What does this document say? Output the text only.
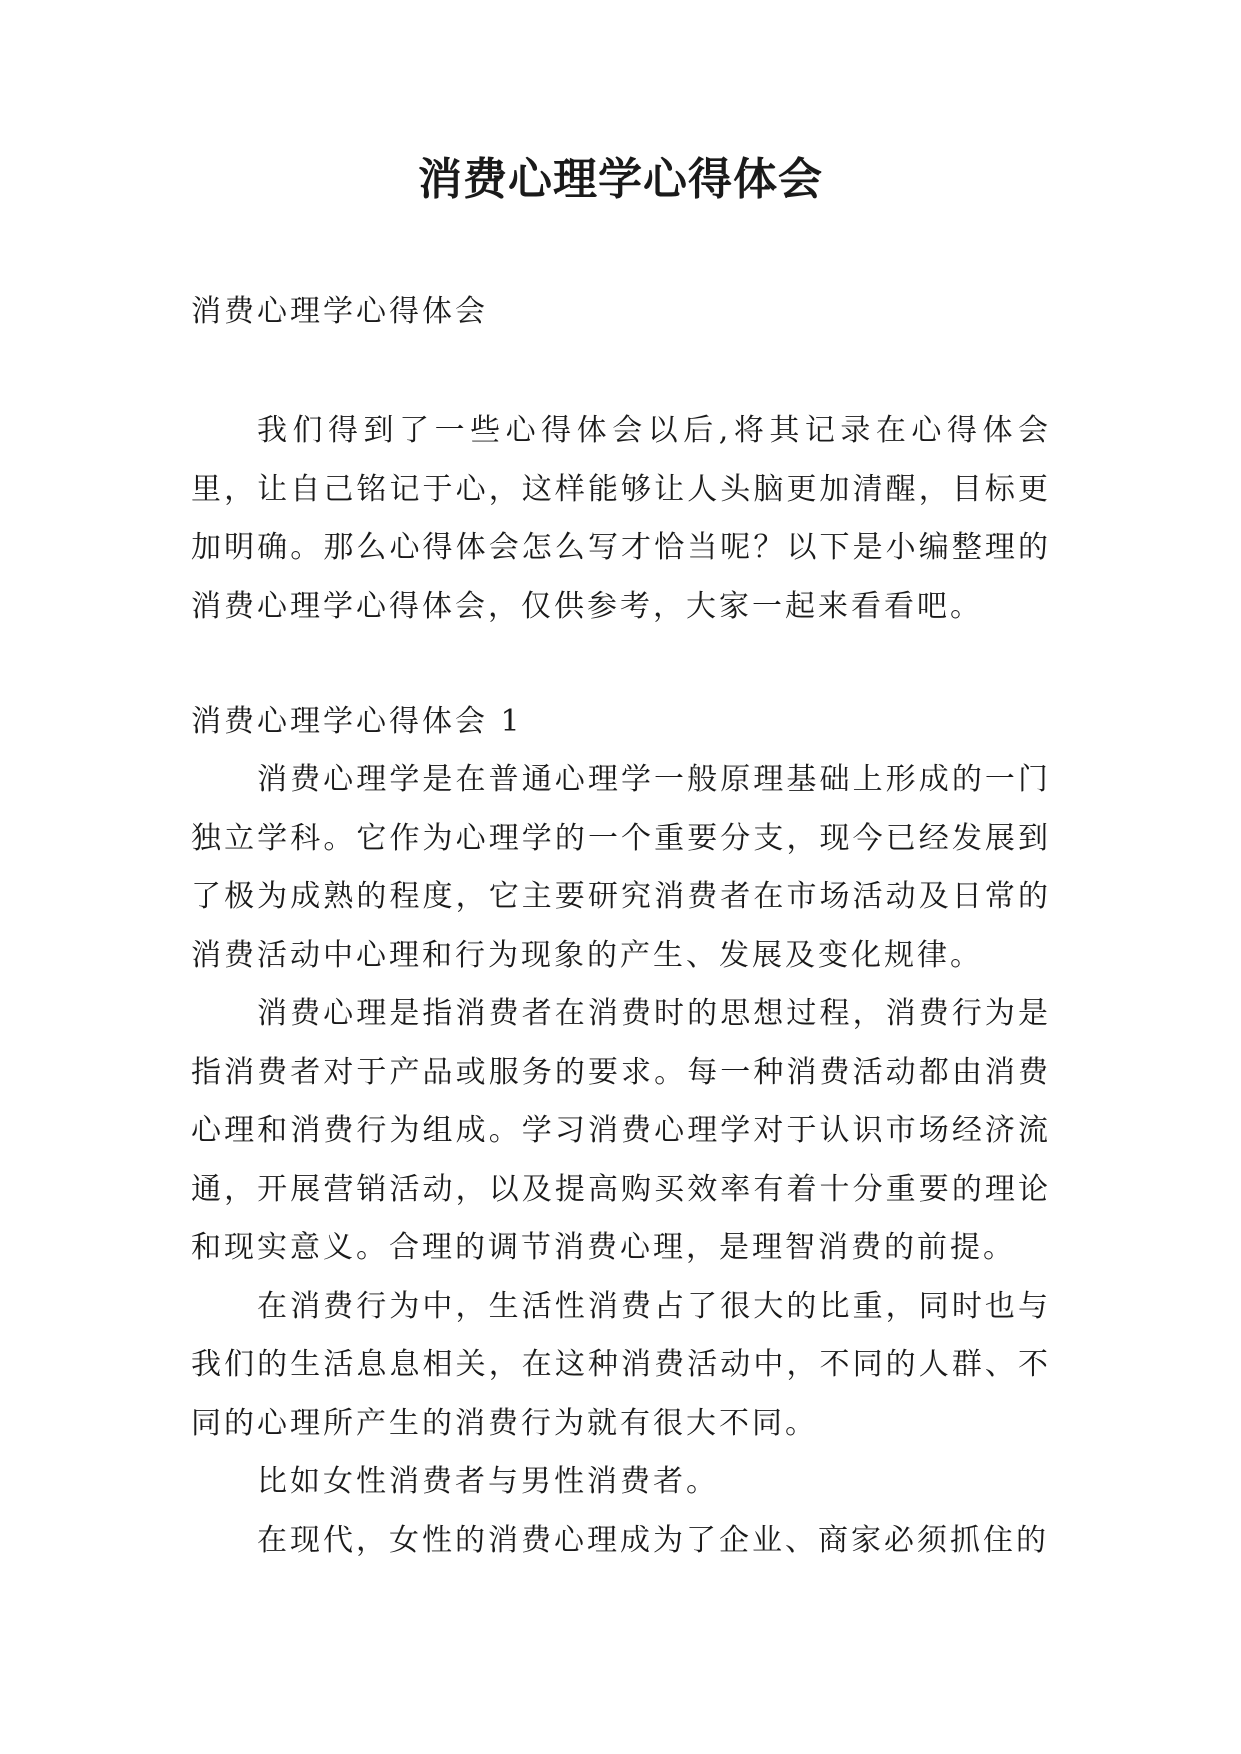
消费心理学心得体会
消费心理学心得体会

我们得到了一些心得体会以后,将其记录在心得体会里，让自己铭记于心，这样能够让人头脑更加清醒，目标更加明确。那么心得体会怎么写才恰当呢？以下是小编整理的消费心理学心得体会，仅供参考，大家一起来看看吧。

消费心理学心得体会 1

消费心理学是在普通心理学一般原理基础上形成的一门独立学科。它作为心理学的一个重要分支，现今已经发展到了极为成熟的程度，它主要研究消费者在市场活动及日常的消费活动中心理和行为现象的产生、发展及变化规律。

消费心理是指消费者在消费时的思想过程，消费行为是指消费者对于产品或服务的要求。每一种消费活动都由消费心理和消费行为组成。学习消费心理学对于认识市场经济流通，开展营销活动，以及提高购买效率有着十分重要的理论和现实意义。合理的调节消费心理，是理智消费的前提。

在消费行为中，生活性消费占了很大的比重，同时也与我们的生活息息相关，在这种消费活动中，不同的人群、不同的心理所产生的消费行为就有很大不同。

比如女性消费者与男性消费者。

在现代，女性的消费心理成为了企业、商家必须抓住的
